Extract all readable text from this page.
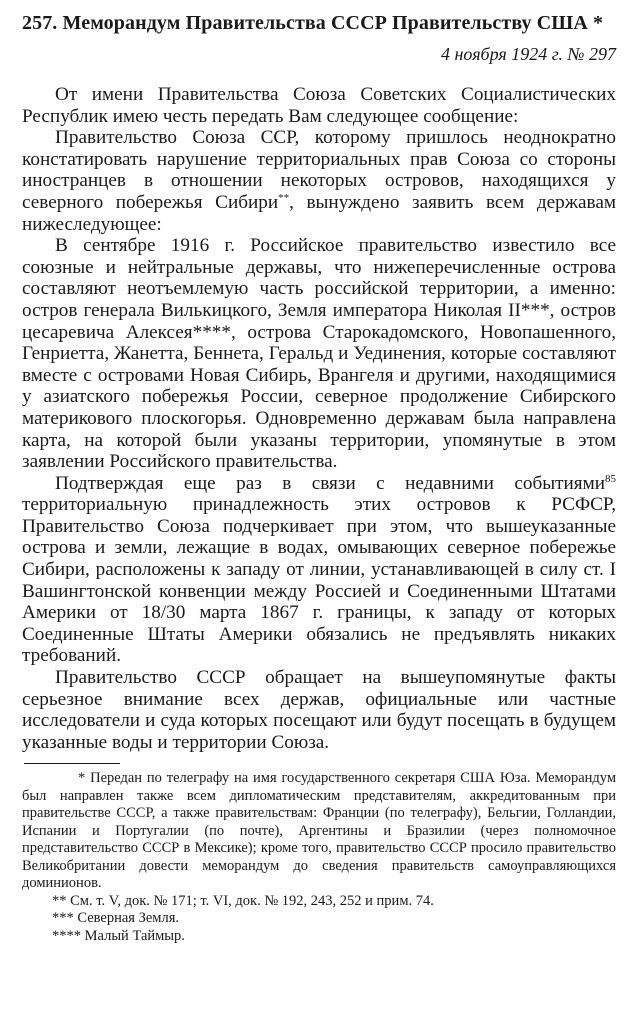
257. Меморандум Правительства СССР Правительству США *
4 ноября 1924 г. № 297

От имени Правительства Союза Советских Социалистических Республик имею честь передать Вам следующее сообщение:

Правительство Союза ССР, которому пришлось неоднократно констатировать нарушение территориальных прав Союза со стороны иностранцев в отношении некоторых островов, находящихся у северного побережья Сибири**, вынуждено заявить всем державам нижеследующее:

В сентябре 1916 г. Российское правительство известило все союзные и нейтральные державы, что нижеперечисленные острова составляют неотъемлемую часть российской территории, а именно: остров генерала Вилькицкого, Земля императора Николая II***, остров цесаревича Алексея****, острова Старокадомского, Новопашенного, Генриетта, Жанетта, Беннета, Геральд и Уединения, которые составляют вместе с островами Новая Сибирь, Врангеля и другими, находящимися у азиатского побережья России, северное продолжение Сибирского материкового плоскогорья. Одновременно державам была направлена карта, на которой были указаны территории, упомянутые в этом заявлении Российского правительства.

Подтверждая еще раз в связи с недавними событиями$^{85}$ территориальную принадлежность этих островов к РСФСР, Правительство Союза подчеркивает при этом, что вышеуказанные острова и земли, лежащие в водах, омывающих северное побережье Сибири, расположены к западу от линии, устанавливающей в силу ст. I Вашингтонской конвенции между Россией и Соединенными Штатами Америки от 18/30 марта 1867 г. границы, к западу от которых Соединенные Штаты Америки обязались не предъявлять никаких требований.

Правительство СССР обращает на вышеупомянутые факты серьезное внимание всех держав, официальные или частные исследователи и суда которых посещают или будут посещать в будущем указанные воды и территории Союза.

* Передан по телеграфу на имя государственного секретаря США Юза. Меморандум был направлен также всем дипломатическим представителям, аккредитованным при правительстве СССР, а также правительствам: Франции (по телеграфу), Бельгии, Голландии, Испании и Португалии (по почте), Аргентины и Бразилии (через полномочное представительство СССР в Мексике); кроме того, правительство СССР просило правительство Великобритании довести меморандум до сведения правительств самоуправляющихся доминионов.

** См. т. V, док. № 171; т. VI, док. № 192, 243, 252 и прим. 74.

*** Северная Земля.

**** Малый Таймыр.
